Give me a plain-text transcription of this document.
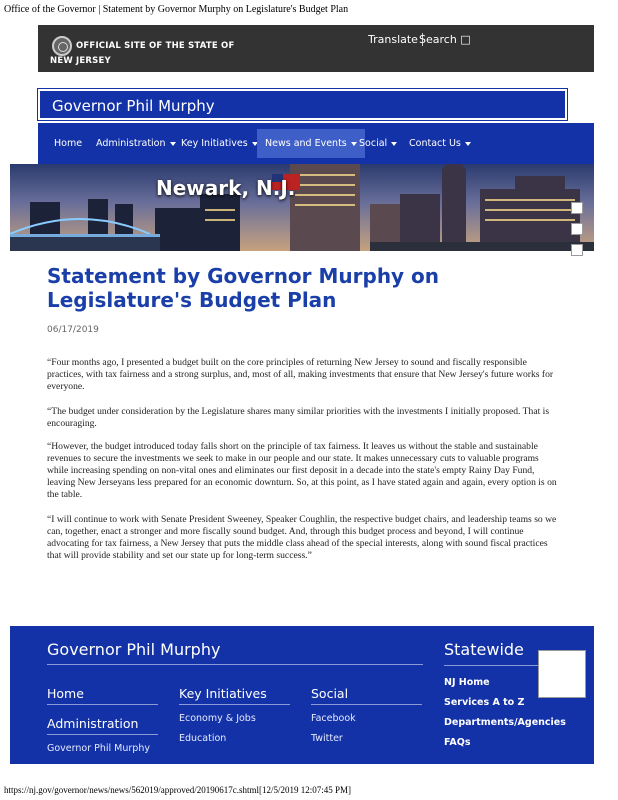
Office of the Governor | Statement by Governor Murphy on Legislature's Budget Plan
OFFICIAL SITE OF THE STATE OF NEW JERSEY
Translate Search □
Governor Phil Murphy
Home	Administration	Key Initiatives	News and Events	Social	Contact Us
Newark, N.J.
Statement by Governor Murphy on Legislature's Budget Plan
06/17/2019

“Four months ago, I presented a budget built on the core principles of returning New Jersey to sound and fiscally responsible practices, with tax fairness and a strong surplus, and, most of all, making investments that ensure that New Jersey's future works for everyone.

“The budget under consideration by the Legislature shares many similar priorities with the investments I initially proposed. That is encouraging.

“However, the budget introduced today falls short on the principle of tax fairness. It leaves us without the stable and sustainable revenues to secure the investments we seek to make in our people and our state. It makes unnecessary cuts to valuable programs while increasing spending on non-vital ones and eliminates our first deposit in a decade into the state's empty Rainy Day Fund, leaving New Jerseyans less prepared for an economic downturn. So, at this point, as I have stated again and again, every option is on the table.

“I will continue to work with Senate President Sweeney, Speaker Coughlin, the respective budget chairs, and leadership teams so we can, together, enact a stronger and more fiscally sound budget. And, through this budget process and beyond, I will continue advocating for tax fairness, a New Jersey that puts the middle class ahead of the special interests, along with sound fiscal practices that will provide stability and set our state up for long-term success.”

Governor Phil Murphy
Home
Administration
Governor Phil Murphy
Key Initiatives
Economy & Jobs
Education
Social
Facebook
Twitter
Statewide
NJ Home
Services A to Z
Departments/Agencies
FAQs
https://nj.gov/governor/news/news/562019/approved/20190617c.shtml[12/5/2019 12:07:45 PM]
